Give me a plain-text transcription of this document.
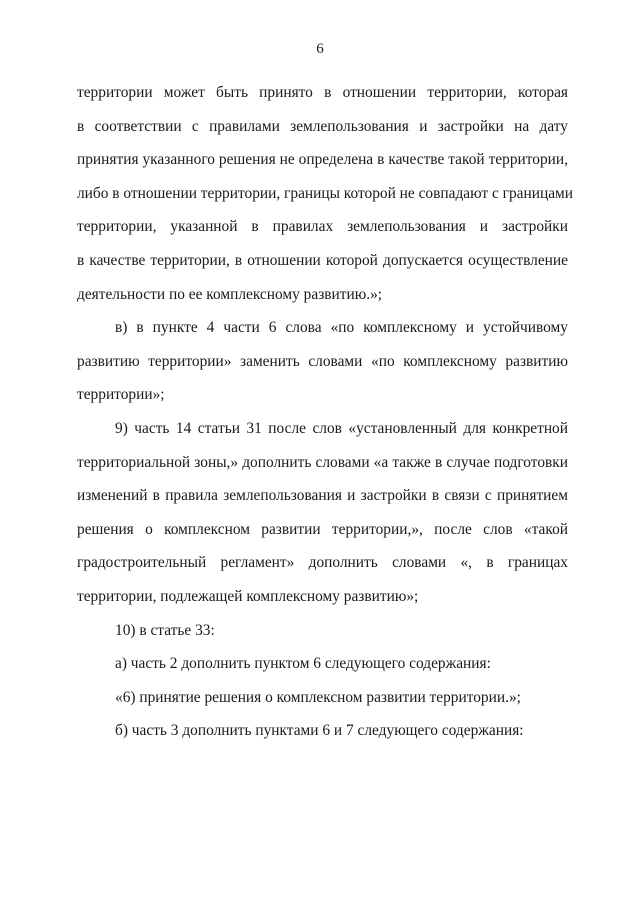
6
территории может быть принято в отношении территории, которая
в соответствии с правилами землепользования и застройки на дату
принятия указанного решения не определена в качестве такой территории,
либо в отношении территории, границы которой не совпадают с границами
территории, указанной в правилах землепользования и застройки
в качестве территории, в отношении которой допускается осуществление
деятельности по ее комплексному развитию.»;
в) в пункте 4 части 6 слова «по комплексному и устойчивому
развитию территории» заменить словами «по комплексному развитию
территории»;
9) часть 14 статьи 31 после слов «установленный для конкретной
территориальной зоны,» дополнить словами «а также в случае подготовки
изменений в правила землепользования и застройки в связи с принятием
решения о комплексном развитии территории,», после слов «такой
градостроительный регламент» дополнить словами «, в границах
территории, подлежащей комплексному развитию»;
10) в статье 33:
а) часть 2 дополнить пунктом 6 следующего содержания:
«6) принятие решения о комплексном развитии территории.»;
б) часть 3 дополнить пунктами 6 и 7 следующего содержания:
